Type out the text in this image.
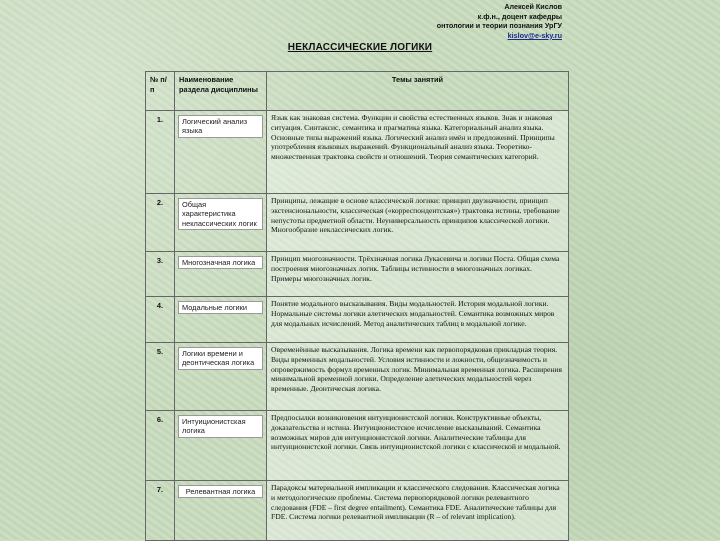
Алексей Кислов
к.ф.н., доцент кафедры
онтологии и теории познания УрГУ
kislov@e-sky.ru
НЕКЛАССИЧЕСКИЕ ЛОГИКИ
№ п/п	Наименование раздела дисциплины	Темы занятий
1.	Логический анализ языка	Язык как знаковая система. Функции и свойства естественных языков. Знак и знаковая ситуация. Синтаксис, семантика и прагматика языка. Категориальный анализ языка. Основные типы выражений языка. Логический анализ имён и предложений. Принципы употребления языковых выражений. Функциональный анализ языка. Теоретико-множественная трактовка свойств и отношений. Теория семантических категорий.
2.	Общая характеристика неклассических логик	Принципы, лежащие в основе классической логики: принцип двузначности, принцип экстенсиональности, классическая («корреспондентская») трактовка истины, требование непустоты предметной области. Неуниверсальность принципов классической логики. Многообразие неклассических логик.
3.	Многозначная логика	Принцип многозначности. Трёхзначная логика Лукасевича и логики Поста. Общая схема построения многозначных логик. Таблицы истинности в многозначных логиках. Примеры многозначных логик.
4.	Модальные логики	Понятие модального высказывания. Виды модальностей. История модальной логики. Нормальные системы логики алетических модальностей. Семантика возможных миров для модальных исчислений. Метод аналитических таблиц в модальной логике.
5.	Логики времени и деонтическая логика	Овременённые высказывания. Логика времени как первопорядковая прикладная теория. Виды временных модальностей. Условия истинности и ложности, общезначимость и опровержимость формул временных логик. Минимальная временная логика. Расширения минимальной временной логики. Определение алетических модальностей через временные. Деонтическая логика.
6.	Интуиционистская логика	Предпосылки возникновения интуиционистской логики. Конструктивные объекты, доказательства и истина. Интуиционистское исчисление высказываний. Семантика возможных миров для интуиционистской логики. Аналитические таблицы для интуиционистской логики. Связь интуиционистской логики с классической и модальной.
7.	Релевантная логика	Парадоксы материальной импликации и классического следования. Классическая логика и методологические проблемы. Система первопорядковой логики релевантного следования (FDE – first degree entailment). Семантика FDE. Аналитические таблицы для FDE. Система логики релевантной импликации (R – of relevant implication).
